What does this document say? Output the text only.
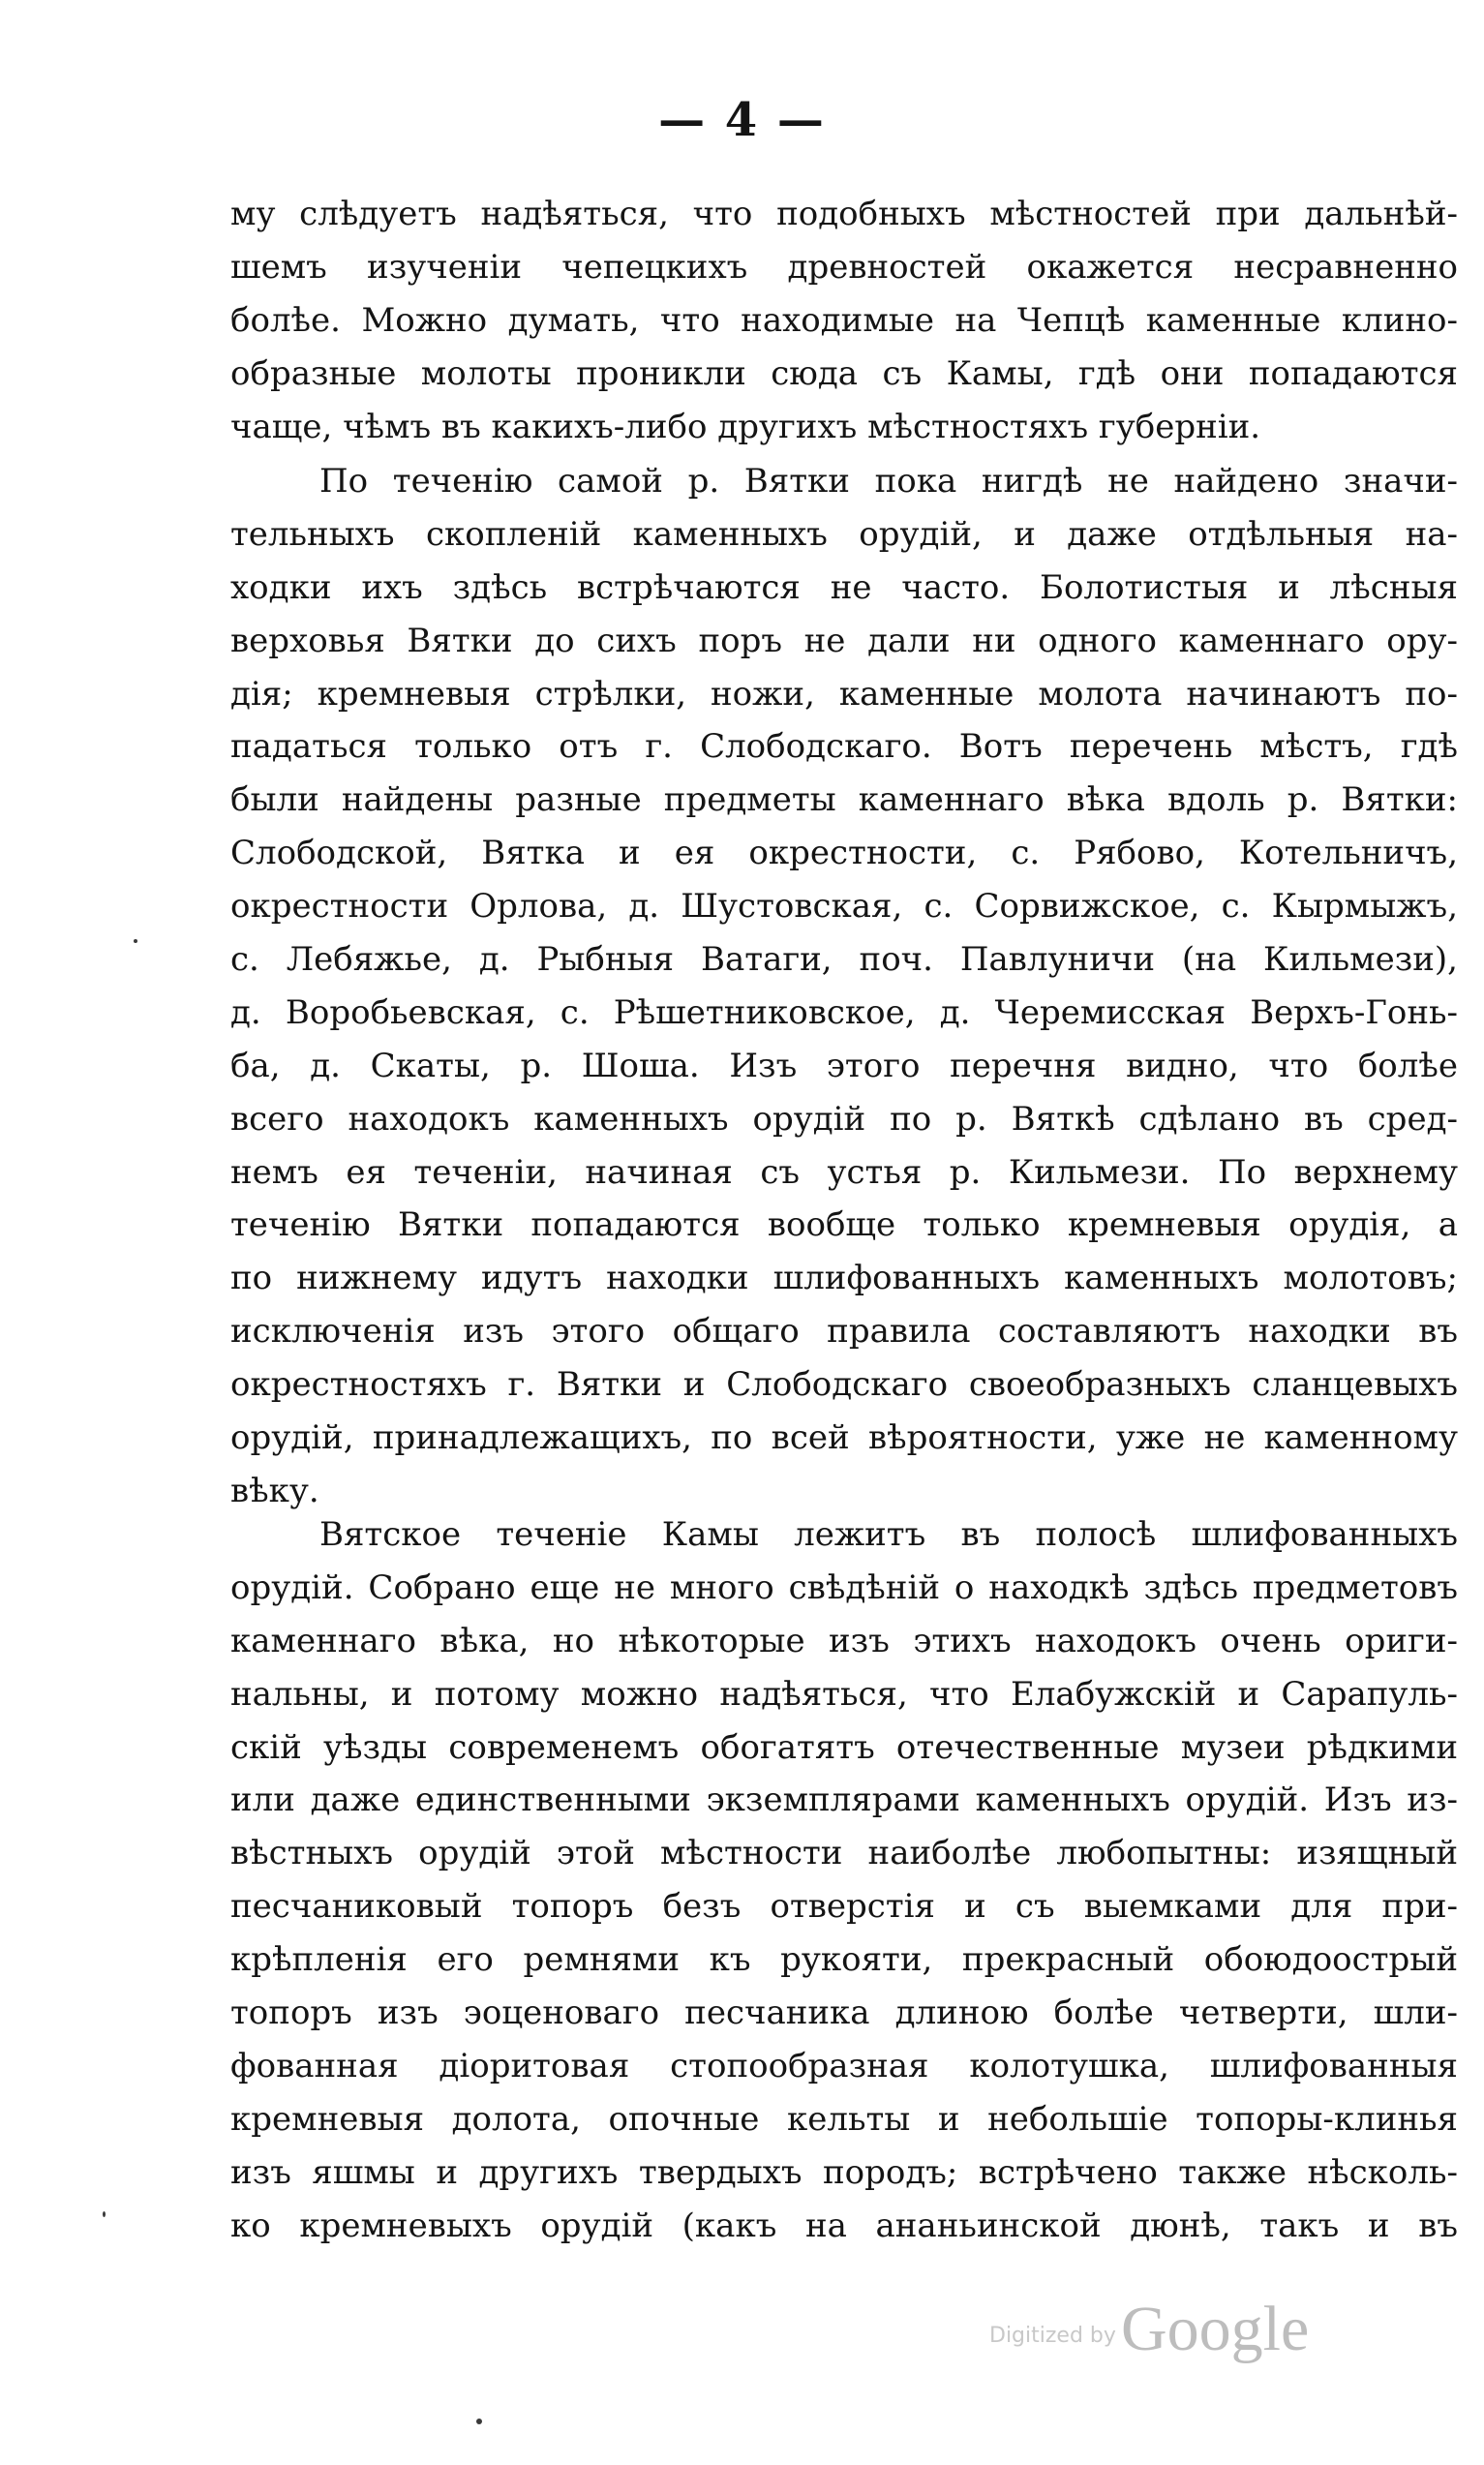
— 4 —
му слѣдуетъ надѣяться, что подобныхъ мѣстностей при дальнѣй-
шемъ изученіи чепецкихъ древностей окажется несравненно
болѣе. Можно думать, что находимые на Чепцѣ каменные клино-
образные молоты проникли сюда съ Камы, гдѣ они попадаются
чаще, чѣмъ въ какихъ-либо другихъ мѣстностяхъ губерніи.
По теченію самой р. Вятки пока нигдѣ не найдено значи-
тельныхъ скопленій каменныхъ орудій, и даже отдѣльныя на-
ходки ихъ здѣсь встрѣчаются не часто. Болотистыя и лѣсныя
верховья Вятки до сихъ поръ не дали ни одного каменнаго ору-
дія; кремневыя стрѣлки, ножи, каменные молота начинаютъ по-
падаться только отъ г. Слободскаго. Вотъ перечень мѣстъ, гдѣ
были найдены разные предметы каменнаго вѣка вдоль р. Вятки:
Слободской, Вятка и ея окрестности, с. Рябово, Котельничъ,
окрестности Орлова, д. Шустовская, с. Сорвижское, с. Кырмыжъ,
с. Лебяжье, д. Рыбныя Ватаги, поч. Павлуничи (на Кильмези),
д. Воробьевская, с. Рѣшетниковское, д. Черемисская Верхъ-Гонь-
ба, д. Скаты, р. Шоша. Изъ этого перечня видно, что болѣе
всего находокъ каменныхъ орудій по р. Вяткѣ сдѣлано въ сред-
немъ ея теченіи, начиная съ устья р. Кильмези. По верхнему
теченію Вятки попадаются вообще только кремневыя орудія, а
по нижнему идутъ находки шлифованныхъ каменныхъ молотовъ;
исключенія изъ этого общаго правила составляютъ находки въ
окрестностяхъ г. Вятки и Слободскаго своеобразныхъ сланцевыхъ
орудій, принадлежащихъ, по всей вѣроятности, уже не каменному
вѣку.
Вятское теченіе Камы лежитъ въ полосѣ шлифованныхъ
орудій. Собрано еще не много свѣдѣній о находкѣ здѣсь предметовъ
каменнаго вѣка, но нѣкоторые изъ этихъ находокъ очень ориги-
нальны, и потому можно надѣяться, что Елабужскій и Сарапуль-
скій уѣзды современемъ обогатятъ отечественные музеи рѣдкими
или даже единственными экземплярами каменныхъ орудій. Изъ из-
вѣстныхъ орудій этой мѣстности наиболѣе любопытны: изящный
песчаниковый топоръ безъ отверстія и съ выемками для при-
крѣпленія его ремнями къ рукояти, прекрасный обоюдоострый
топоръ изъ эоценоваго песчаника длиною болѣе четверти, шли-
фованная діоритовая стопообразная колотушка, шлифованныя
кремневыя долота, опочные кельты и небольшіе топоры-клинья
изъ яшмы и другихъ твердыхъ породъ; встрѣчено также нѣсколь-
ко кремневыхъ орудій (какъ на ананьинской дюнѣ, такъ и въ
Digitized by Google
